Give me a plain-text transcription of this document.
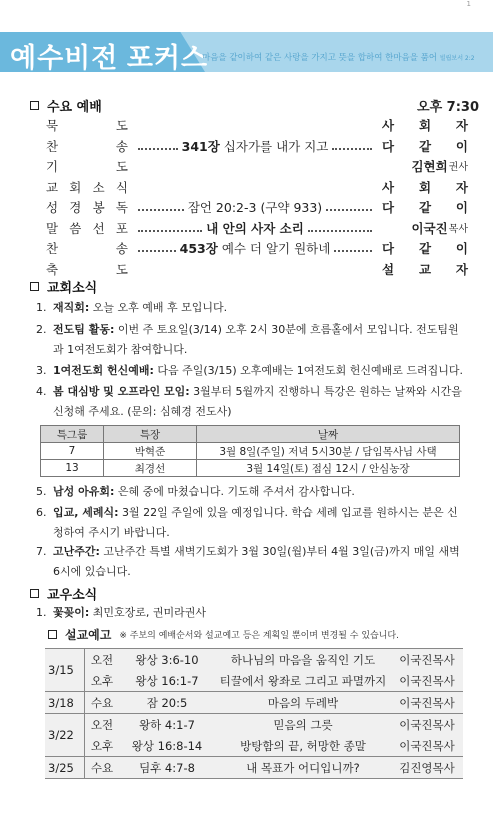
예수비전 포커스
마음을 같이하여 같은 사랑을 가지고 뜻을 합하여 한마음을 품어 빌립보서 2:2
1
수요 예배	오후 7:30
묵	도	사 회 자
찬	송	341장 십자가를 내가 지고	다 같 이
기	도	김현희 권사
교 회 소 식	사 회 자
성 경 봉 독	잠언 20:2-3 (구약 933)	다 같 이
말 씀 선 포	내 안의 사자 소리	이국진 목사
찬	송	453장 예수 더 알기 원하네	다 같 이
축	도	설 교 자
교회소식
1. 재직회: 오늘 오후 예배 후 모입니다.
2. 전도팀 활동: 이번 주 토요일(3/14) 오후 2시 30분에 흐름홀에서 모입니다. 전도팀원과 1여전도회가 참여합니다.
3. 1여전도회 헌신예배: 다음 주일(3/15) 오후예배는 1여전도회 헌신예배로 드려집니다.
4. 봄 대심방 및 오프라인 모임: 3월부터 5월까지 진행하니 특강은 원하는 날짜와 시간을 신청해 주세요. (문의: 심혜경 전도사)
특그룹	특장	날짜
7	박혁준	3월 8일(주일) 저녁 5시30분 / 담임목사님 사택
13	최경선	3월 14일(토) 점심 12시 / 안심농장
5. 남성 아유회: 은혜 중에 마쳤습니다. 기도해 주셔서 감사합니다.
6. 입교, 세례식: 3월 22일 주일에 있을 예정입니다. 학습 세례 입교를 원하시는 분은 신청하여 주시기 바랍니다.
7. 고난주간: 고난주간 특별 새벽기도회가 3월 30일(월)부터 4월 3일(금)까지 매일 새벽 6시에 있습니다.
교우소식
1. 꽃꽂이: 최민호장로, 권미라권사
설교예고 ※ 주보의 예배순서와 설교예고 등은 계획일 뿐이며 변경될 수 있습니다.
3/15	오전	왕상 3:6-10	하나님의 마음을 움직인 기도	이국진목사
	오후	왕상 16:1-7	티끌에서 왕좌로 그리고 파멸까지	이국진목사
3/18	수요	잠 20:5	마음의 두레박	이국진목사
3/22	오전	왕하 4:1-7	믿음의 그릇	이국진목사
	오후	왕상 16:8-14	방탕함의 끝, 허망한 종말	이국진목사
3/25	수요	딤후 4:7-8	내 목표가 어디입니까?	김진영목사
